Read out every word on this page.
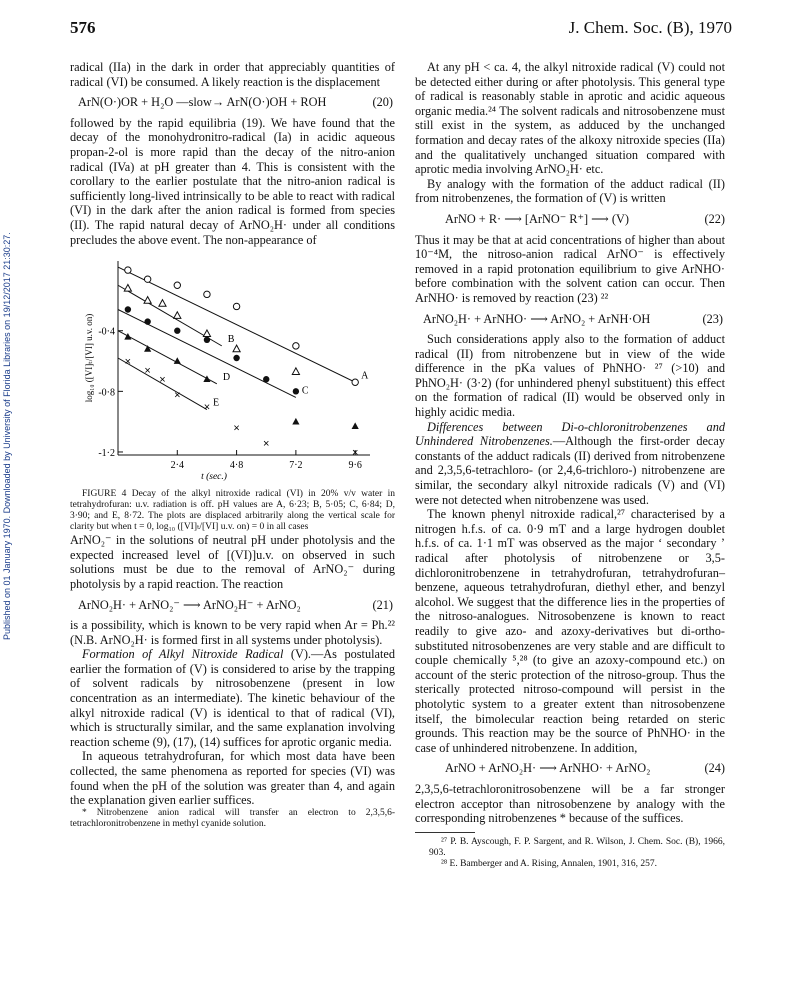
Published on 01 January 1970. Downloaded by University of Florida Libraries on 19/12/2017 21:30:27.
576	J. Chem. Soc. (B), 1970

radical (IIa) in the dark in order that appreciably quantities of radical (VI) be consumed. A likely reaction is the displacement

ArN(O·)OR + H₂O —slow→ ArN(O·)OH + ROH	(20)

followed by the rapid equilibria (19). We have found that the decay of the monohydronitro-radical (Ia) in acidic aqueous propan-2-ol is more rapid than the decay of the nitro-anion radical (IVa) at pH greater than 4. This is consistent with the corollary to the earlier postulate that the nitro-anion radical is sufficiently long-lived intrinsically to be able to react with radical (VI) in the dark after the anion radical is formed from species (II). The rapid natural decay of ArNO₂H· under all conditions precludes the above event. The non-appearance of

2·4	4·8	7·2	9·6
-0·4
-0·8
-1·2
t (sec.)
log₁₀ ([VI]ₜ/[VI] u.v. on)	A
B
C
D
×
×
×
×
×
×
×
×
E

FIGURE 4 Decay of the alkyl nitroxide radical (VI) in 20% v/v water in tetrahydrofuran: u.v. radiation is off. pH values are A, 6·23; B, 5·05; C, 6·84; D, 3·90; and E, 8·72. The plots are displaced arbitrarily along the vertical scale for clarity but when t = 0, log₁₀ ([VI]ₜ/[VI] u.v. on) = 0 in all cases

ArNO₂⁻ in the solutions of neutral pH under photolysis and the expected increased level of [(VI)]u.v. on observed in such solutions must be due to the removal of ArNO₂⁻ during photolysis by a rapid reaction. The reaction

ArNO₂H· + ArNO₂⁻ ⟶ ArNO₂H⁻ + ArNO₂	(21)

is a possibility, which is known to be very rapid when Ar = Ph.²² (N.B. ArNO₂H· is formed first in all systems under photolysis).

Formation of Alkyl Nitroxide Radical (V).—As postulated earlier the formation of (V) is considered to arise by the trapping of solvent radicals by nitrosobenzene (present in low concentration as an intermediate). The kinetic behaviour of the alkyl nitroxide radical (V) is identical to that of radical (VI), which is structurally similar, and the same explanation involving reaction scheme (9), (17), (14) suffices for aprotic organic media.

In aqueous tetrahydrofuran, for which most data have been collected, the same phenomena as reported for species (VI) was found when the pH of the solution was greater than 4, and again the explanation given earlier suffices.

* Nitrobenzene anion radical will transfer an electron to 2,3,5,6-tetrachloronitrobenzene in methyl cyanide solution.

At any pH < ca. 4, the alkyl nitroxide radical (V) could not be detected either during or after photolysis. This general type of radical is reasonably stable in aprotic and acidic aqueous organic media.²⁴ The solvent radicals and nitrosobenzene must still exist in the system, as adduced by the unchanged formation and decay rates of the alkoxy nitroxide species (IIa) and the qualitatively unchanged situation compared with aprotic media involving ArNO₂H· etc.

By analogy with the formation of the adduct radical (II) from nitrobenzenes, the formation of (V) is written

ArNO + R· ⟶ [ArNO⁻ R⁺] ⟶ (V)	(22)

Thus it may be that at acid concentrations of higher than about 10⁻⁴M, the nitroso-anion radical ArNO⁻ is effectively removed in a rapid protonation equilibrium to give ArNHO· before combination with the solvent cation can occur. Then ArNHO· is removed by reaction (23) ²²

ArNO₂H· + ArNHO· ⟶ ArNO₂ + ArNH·OH	(23)

Such considerations apply also to the formation of adduct radical (II) from nitrobenzene but in view of the wide difference in the pKa values of PhNHO· ²⁷ (>10) and PhNO₂H· (3·2) (for unhindered phenyl substituent) this effect on the formation of radical (II) would be observed only in highly acidic media.

Differences between Di-o-chloronitrobenzenes and Unhindered Nitrobenzenes.—Although the first-order decay constants of the adduct radicals (II) derived from nitrobenzene and 2,3,5,6-tetrachloro- (or 2,4,6-trichloro-) nitrobenzene are similar, the secondary alkyl nitroxide radicals (V) and (VI) were not detected when nitrobenzene was used.

The known phenyl nitroxide radical,²⁷ characterised by a nitrogen h.f.s. of ca. 0·9 mT and a large hydrogen doublet h.f.s. of ca. 1·1 mT was observed as the major ‘ secondary ’ radical after photolysis of nitrobenzene or 3,5-dichloronitrobenzene in tetrahydrofuran, tetrahydrofuran–benzene, aqueous tetrahydrofuran, diethyl ether, and benzyl alcohol. We suggest that the difference lies in the properties of the nitroso-analogues. Nitrosobenzene is known to react readily to give azo- and azoxy-derivatives but di-ortho-substituted nitrosobenzenes are very stable and are difficult to couple chemically ⁵,²⁸ (to give an azoxy-compound etc.) on account of the steric protection of the nitroso-group. Thus the sterically protected nitroso-compound will persist in the photolytic system to a greater extent than nitrosobenzene itself, the bimolecular reaction being retarded on steric grounds. This reaction may be the source of PhNHO· in the case of unhindered nitrobenzene. In addition,

ArNO + ArNO₂H· ⟶ ArNHO· + ArNO₂	(24)

2,3,5,6-tetrachloronitrosobenzene will be a far stronger electron acceptor than nitrosobenzene by analogy with the corresponding nitrobenzenes * because of the suffices.

²⁷ P. B. Ayscough, F. P. Sargent, and R. Wilson, J. Chem. Soc. (B), 1966, 903.

²⁸ E. Bamberger and A. Rising, Annalen, 1901, 316, 257.
